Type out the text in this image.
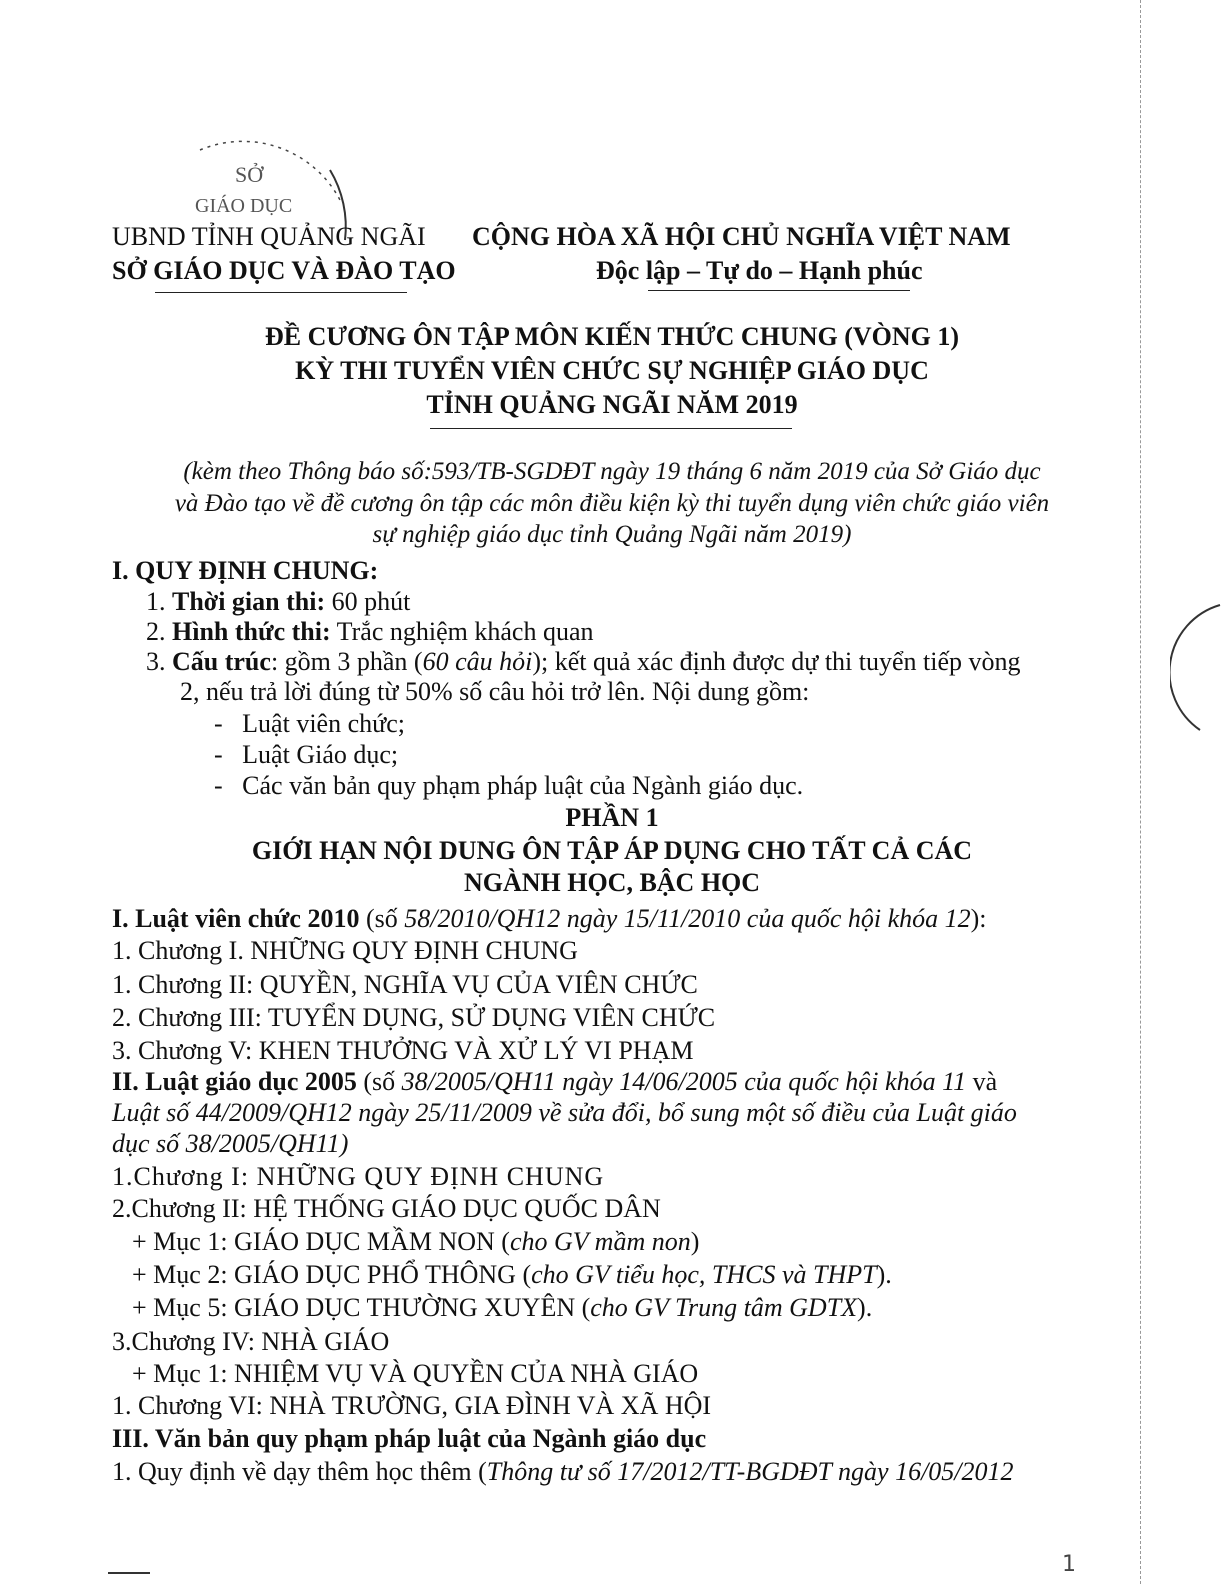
SỞ
GIÁO DỤC
UBND TỈNH QUẢNG NGÃI
SỞ GIÁO DỤC VÀ ĐÀO TẠO
CỘNG HÒA XÃ HỘI CHỦ NGHĨA VIỆT NAM
Độc lập – Tự do – Hạnh phúc
ĐỀ CƯƠNG ÔN TẬP MÔN KIẾN THỨC CHUNG (VÒNG 1)
KỲ THI TUYỂN VIÊN CHỨC SỰ NGHIỆP GIÁO DỤC
TỈNH QUẢNG NGÃI NĂM 2019
(kèm theo Thông báo số:593/TB-SGDĐT ngày 19 tháng 6 năm 2019 của Sở Giáo dục
và Đào tạo về đề cương ôn tập các môn điều kiện kỳ thi tuyển dụng viên chức giáo viên
sự nghiệp giáo dục tỉnh Quảng Ngãi năm 2019)
I. QUY ĐỊNH CHUNG:
1. Thời gian thi: 60 phút
2. Hình thức thi: Trắc nghiệm khách quan
3. Cấu trúc: gồm 3 phần (60 câu hỏi); kết quả xác định được dự thi tuyển tiếp vòng
2, nếu trả lời đúng từ 50% số câu hỏi trở lên. Nội dung gồm:
-   Luật viên chức;
-   Luật Giáo dục;
-   Các văn bản quy phạm pháp luật của Ngành giáo dục.
PHẦN 1
GIỚI HẠN NỘI DUNG ÔN TẬP ÁP DỤNG CHO TẤT CẢ CÁC
NGÀNH HỌC, BẬC HỌC
I. Luật viên chức 2010 (số 58/2010/QH12 ngày 15/11/2010 của quốc hội khóa 12):
1. Chương I. NHỮNG QUY ĐỊNH CHUNG
1. Chương II: QUYỀN, NGHĨA VỤ CỦA VIÊN CHỨC
2. Chương III: TUYỂN DỤNG, SỬ DỤNG VIÊN CHỨC
3. Chương V: KHEN THƯỞNG VÀ XỬ LÝ VI PHẠM
II. Luật giáo dục 2005 (số 38/2005/QH11 ngày 14/06/2005 của quốc hội khóa 11 và
Luật số 44/2009/QH12 ngày 25/11/2009 về sửa đổi, bổ sung một số điều của Luật giáo
dục số 38/2005/QH11)
1.Chương I: NHỮNG QUY ĐỊNH CHUNG
2.Chương II: HỆ THỐNG GIÁO DỤC QUỐC DÂN
+ Mục 1: GIÁO DỤC MẦM NON (cho GV mầm non)
+ Mục 2: GIÁO DỤC PHỔ THÔNG (cho GV tiểu học, THCS và THPT).
+ Mục 5: GIÁO DỤC THƯỜNG XUYÊN (cho GV Trung tâm GDTX).
3.Chương IV: NHÀ GIÁO
+ Mục 1: NHIỆM VỤ VÀ QUYỀN CỦA NHÀ GIÁO
1. Chương VI: NHÀ TRƯỜNG, GIA ĐÌNH VÀ XÃ HỘI
III. Văn bản quy phạm pháp luật của Ngành giáo dục
1. Quy định về dạy thêm học thêm (Thông tư số 17/2012/TT-BGDĐT ngày 16/05/2012
1
